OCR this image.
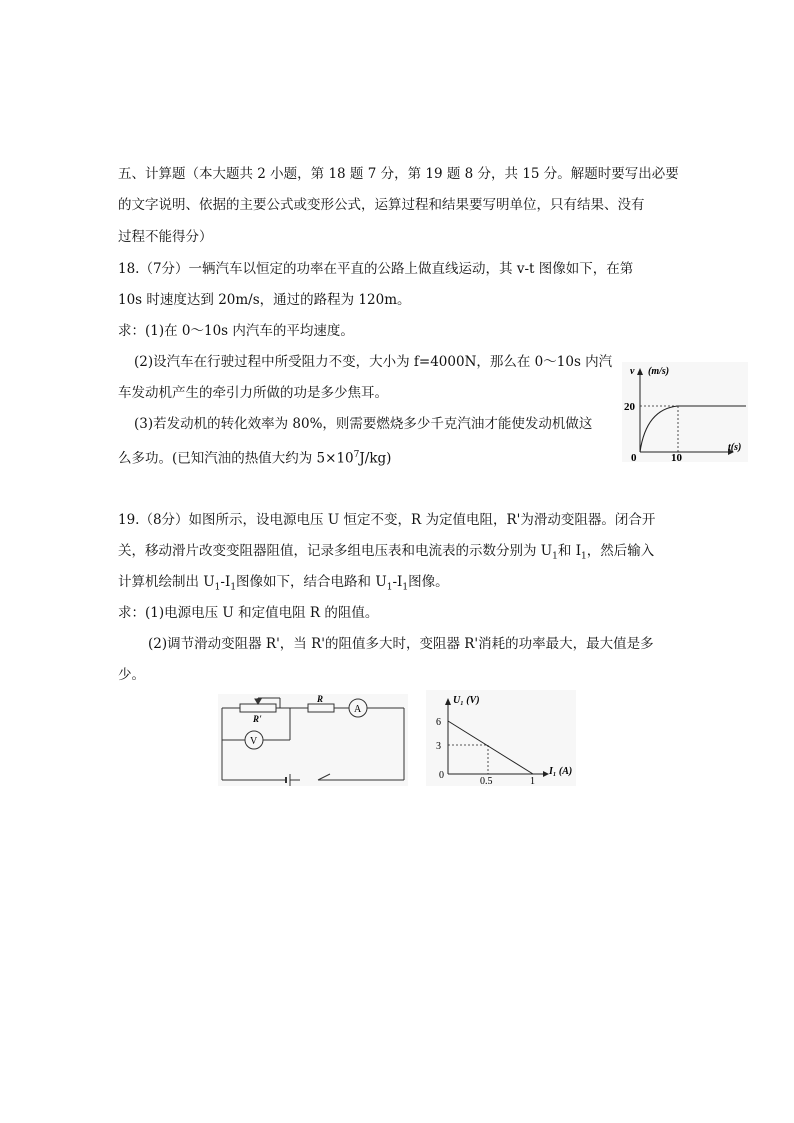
五、计算题（本大题共 2 小题，第 18 题 7 分，第 19 题 8 分，共 15 分。解题时要写出必要
的文字说明、依据的主要公式或变形公式，运算过程和结果要写明单位，只有结果、没有
过程不能得分）
18.（7分）一辆汽车以恒定的功率在平直的公路上做直线运动，其 v-t 图像如下，在第
10s 时速度达到 20m/s，通过的路程为 120m。
求：(1)在 0～10s 内汽车的平均速度。
(2)设汽车在行驶过程中所受阻力不变，大小为 f=4000N，那么在 0～10s 内汽
车发动机产生的牵引力所做的功是多少焦耳。
(3)若发动机的转化效率为 80%，则需要燃烧多少千克汽油才能使发动机做这
么多功。(已知汽油的热值大约为 $5\times 10^7J/kg$)
v (m/s)
20
10
0
t(s)
19.（8分）如图所示，设电源电压 U 恒定不变，R 为定值电阻，R'为滑动变阻器。闭合开
关，移动滑片改变变阻器阻值，记录多组电压表和电流表的示数分别为 $U_1$和 $I_1$，然后输入
计算机绘制出 $U_1-I_1$图像如下，结合电路和 $U_1-I_1$图像。
求：(1)电源电压 U 和定值电阻 R 的阻值。
(2)调节滑动变阻器 R'，当 R'的阻值多大时，变阻器 R'消耗的功率最大，最大值是多
少。
R'
R
A
V
U₁ (V)
6
3
0
0.5	1
I₁ (A)
